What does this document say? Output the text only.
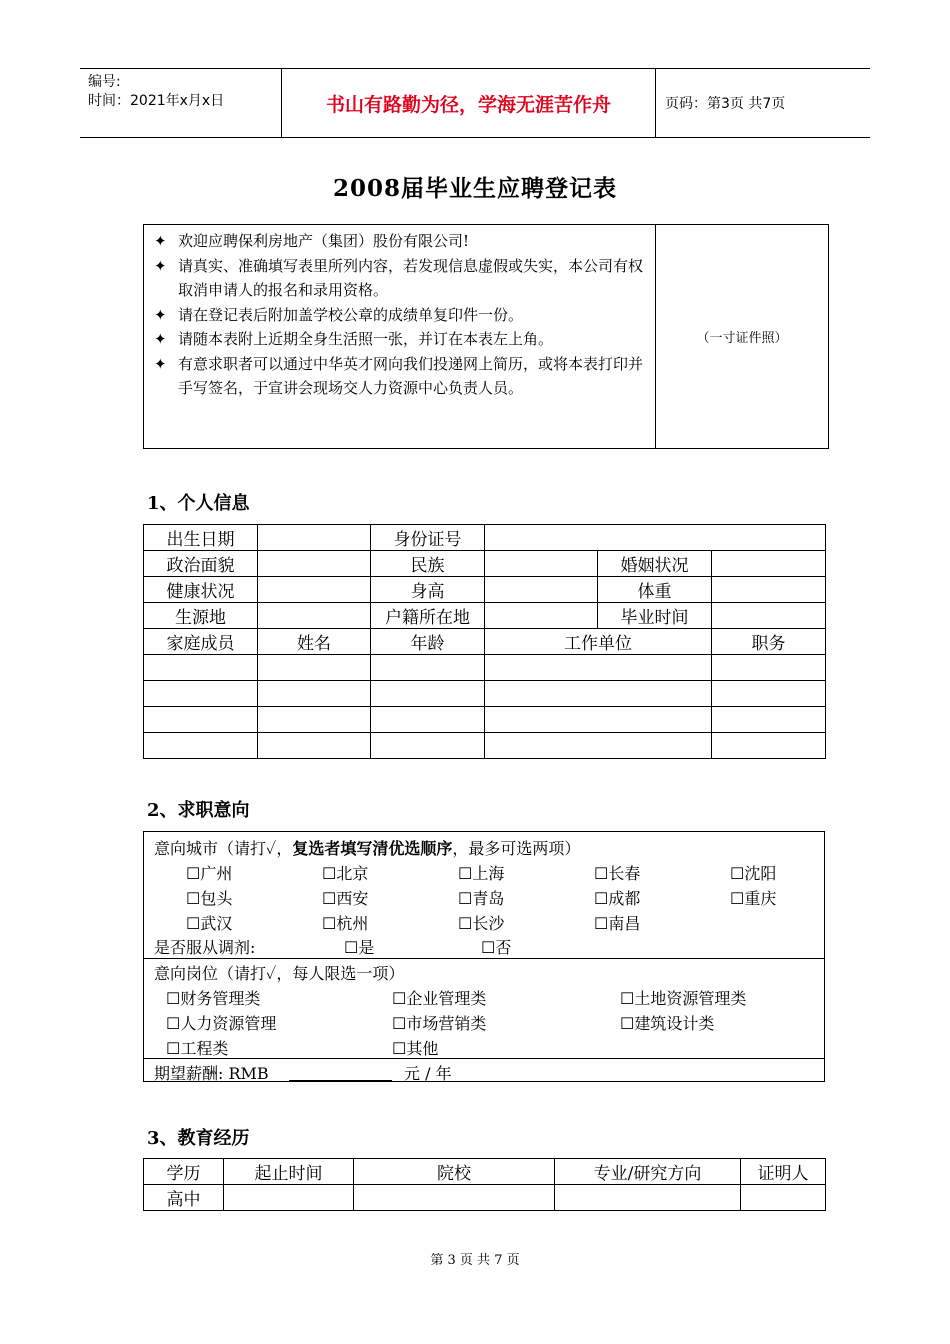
编号:
时间：2021年x月x日	书山有路勤为径，学海无涯苦作舟	页码：第3页 共7页
2008届毕业生应聘登记表
✦ 欢迎应聘保利房地产（集团）股份有限公司!
✦ 请真实、准确填写表里所列内容，若发现信息虚假或失实，本公司有权取消申请人的报名和录用资格。
✦ 请在登记表后附加盖学校公章的成绩单复印件一份。
✦ 请随本表附上近期全身生活照一张，并订在本表左上角。
✦ 有意求职者可以通过中华英才网向我们投递网上简历，或将本表打印并手写签名，于宣讲会现场交人力资源中心负责人员。
（一寸证件照）
1、个人信息
出生日期		身份证号			
政治面貌		民族		婚姻状况	
健康状况		身高		体重	
生源地		户籍所在地		毕业时间	
家庭成员	姓名	年龄	工作单位		职务

2、求职意向
意向城市（请打✓，复选者填写清优选顺序，最多可选两项）
☐广州	☐北京	☐上海	☐长春	☐沈阳
☐包头	☐西安	☐青岛	☐成都	☐重庆
☐武汉	☐杭州	☐长沙	☐南昌
是否服从调剂:	☐是	☐否
意向岗位（请打✓，每人限选一项）
☐财务管理类	☐企业管理类	☐土地资源管理类
☐人力资源管理	☐市场营销类	☐建筑设计类
☐工程类	☐其他
期望薪酬: RMB	元 / 年
3、教育经历
学历	起止时间	院校	专业/研究方向	证明人
高中				
第 3 页 共 7 页
